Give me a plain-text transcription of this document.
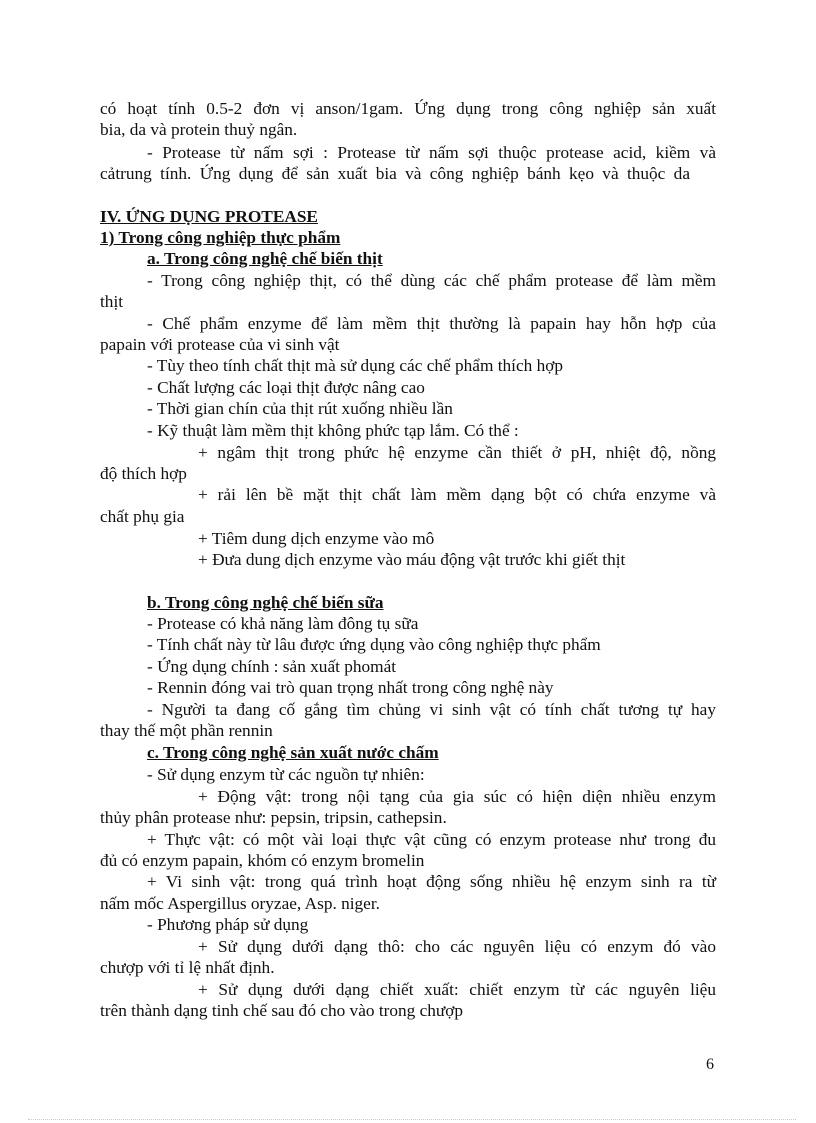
có hoạt tính 0.5-2 đơn vị anson/1gam. Ứng dụng trong công nghiệp sản xuất

bia, da và protein thuỷ ngân.

- Protease từ nấm sợi : Protease từ nấm sợi thuộc protease acid, kiềm và

cảtrung tính. Ứng dụng để sản xuất bia và công nghiệp bánh kẹo và thuộc da

IV. ỨNG DỤNG PROTEASE

1) Trong công nghiệp thực phẩm

a. Trong công nghệ chế biến thịt

- Trong công nghiệp thịt, có thể dùng các chế phẩm protease để làm mềm

thịt

- Chế phẩm enzyme để làm mềm thịt thường là papain hay hỗn hợp của

papain với protease của vi sinh vật

- Tùy theo tính chất thịt mà sử dụng các chế phẩm thích hợp

- Chất lượng các loại thịt được nâng cao

- Thời gian chín của thịt rút xuống nhiều lần

- Kỹ thuật làm mềm thịt không phức tạp lắm. Có thể :

+ ngâm thịt trong phức hệ enzyme cần thiết ở pH, nhiệt độ, nồng

độ thích hợp

+ rải lên bề mặt thịt chất làm mềm dạng bột có chứa enzyme và

chất phụ gia

+ Tiêm dung dịch enzyme vào mô

+ Đưa dung dịch enzyme vào máu động vật trước khi giết thịt

b. Trong công nghệ chế biến sữa

- Protease có khả năng làm đông tụ sữa

- Tính chất này từ lâu được ứng dụng vào công nghiệp thực phẩm

- Ứng dụng chính : sản xuất phomát

- Rennin đóng vai trò quan trọng nhất trong công nghệ này

- Người ta đang cố gắng tìm chủng vi sinh vật có tính chất tương tự hay

thay thế một phần rennin

c. Trong công nghệ sản xuất nước chấm

- Sử dụng enzym từ các nguồn tự nhiên:

+ Động vật: trong nội tạng của gia súc có hiện diện nhiều enzym

thủy phân protease như: pepsin, tripsin, cathepsin.

+ Thực vật: có một vài loại thực vật cũng có enzym protease như trong đu

đủ có enzym papain, khóm có enzym bromelin

+ Vi sinh vật: trong quá trình hoạt động sống nhiều hệ enzym sinh ra từ

nấm mốc Aspergillus oryzae, Asp. niger.

- Phương pháp sử dụng

+ Sử dụng dưới dạng thô: cho các nguyên liệu có enzym đó vào

chượp với tỉ lệ nhất định.

+ Sử dụng dưới dạng chiết xuất: chiết enzym từ các nguyên liệu

trên thành dạng tinh chế sau đó cho vào trong chượp

6
